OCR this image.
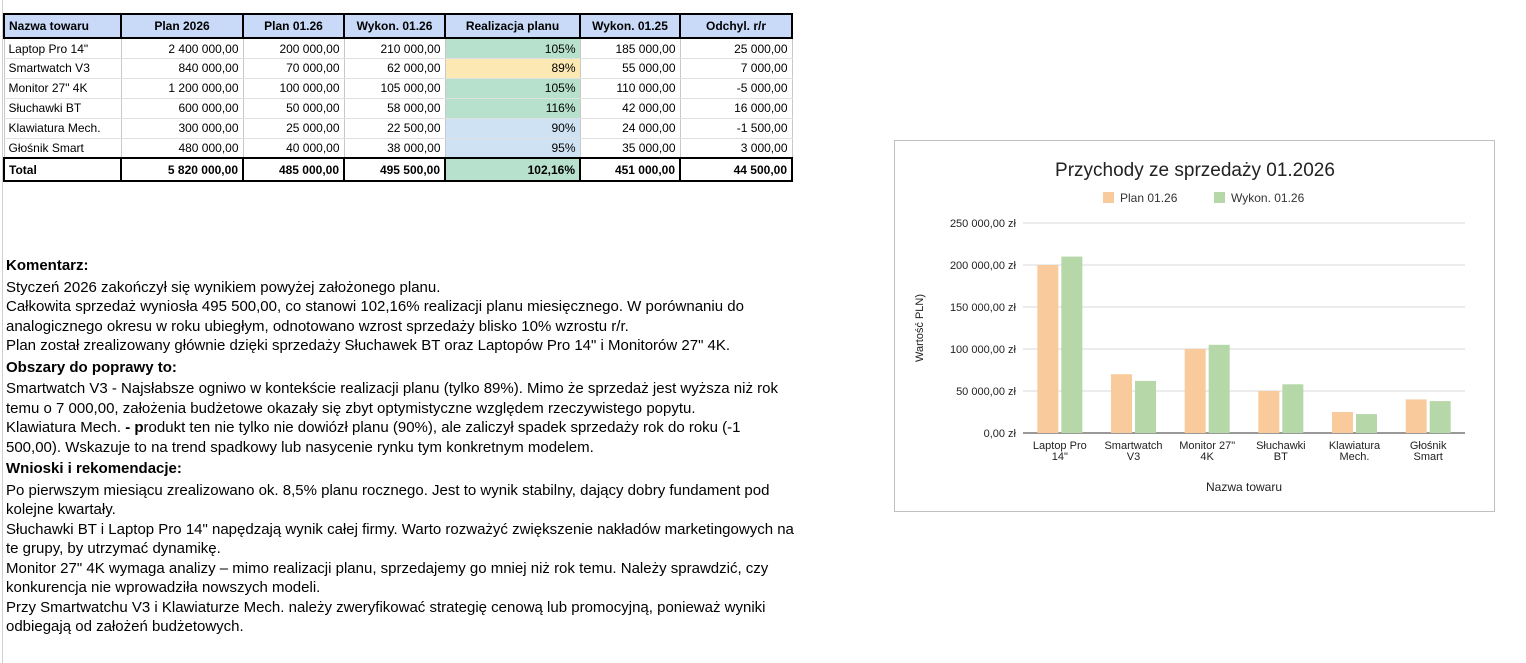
Nazwa towaru	Plan 2026	Plan 01.26	Wykon. 01.26	Realizacja planu	Wykon. 01.25	Odchyl. r/r
Laptop Pro 14"	2 400 000,00	200 000,00	210 000,00	105%	185 000,00	25 000,00
Smartwatch V3	840 000,00	70 000,00	62 000,00	89%	55 000,00	7 000,00
Monitor 27" 4K	1 200 000,00	100 000,00	105 000,00	105%	110 000,00	-5 000,00
Słuchawki BT	600 000,00	50 000,00	58 000,00	116%	42 000,00	16 000,00
Klawiatura Mech.	300 000,00	25 000,00	22 500,00	90%	24 000,00	-1 500,00
Głośnik Smart	480 000,00	40 000,00	38 000,00	95%	35 000,00	3 000,00
Total	5 820 000,00	485 000,00	495 500,00	102,16%	451 000,00	44 500,00

Komentarz:

Styczeń 2026 zakończył się wynikiem powyżej założonego planu.

Całkowita sprzedaż wyniosła 495 500,00, co stanowi 102,16% realizacji planu miesięcznego. W porównaniu do analogicznego okresu w roku ubiegłym, odnotowano wzrost sprzedaży blisko 10% wzrostu r/r.

Plan został zrealizowany głównie dzięki sprzedaży Słuchawek BT oraz Laptopów Pro 14" i Monitorów 27" 4K.

Obszary do poprawy to:

Smartwatch V3 - Najsłabsze ogniwo w kontekście realizacji planu (tylko 89%). Mimo że sprzedaż jest wyższa niż rok temu o 7 000,00, założenia budżetowe okazały się zbyt optymistyczne względem rzeczywistego popytu.

Klawiatura Mech. - produkt ten nie tylko nie dowiózł planu (90%), ale zaliczył spadek sprzedaży rok do roku (-1 500,00). Wskazuje to na trend spadkowy lub nasycenie rynku tym konkretnym modelem.

Wnioski i rekomendacje:

Po pierwszym miesiącu zrealizowano ok. 8,5% planu rocznego. Jest to wynik stabilny, dający dobry fundament pod kolejne kwartały.

Słuchawki BT i Laptop Pro 14" napędzają wynik całej firmy. Warto rozważyć zwiększenie nakładów marketingowych na te grupy, by utrzymać dynamikę.

Monitor 27" 4K wymaga analizy – mimo realizacji planu, sprzedajemy go mniej niż rok temu. Należy sprawdzić, czy konkurencja nie wprowadziła nowszych modeli.

Przy Smartwatchu V3 i Klawiaturze Mech. należy zweryfikować strategię cenową lub promocyjną, ponieważ wyniki odbiegają od założeń budżetowych.

Przychody ze sprzedaży 01.2026
Plan 01.26	Wykon. 01.26
0,00 zł
50 000,00 zł
100 000,00 zł
150 000,00 zł
200 000,00 zł
250 000,00 zł
Wartość PLN)
Laptop Pro
14"
Smartwatch
V3
Monitor 27"
4K
Słuchawki
BT
Klawiatura
Mech.
Głośnik
Smart
Nazwa towaru
